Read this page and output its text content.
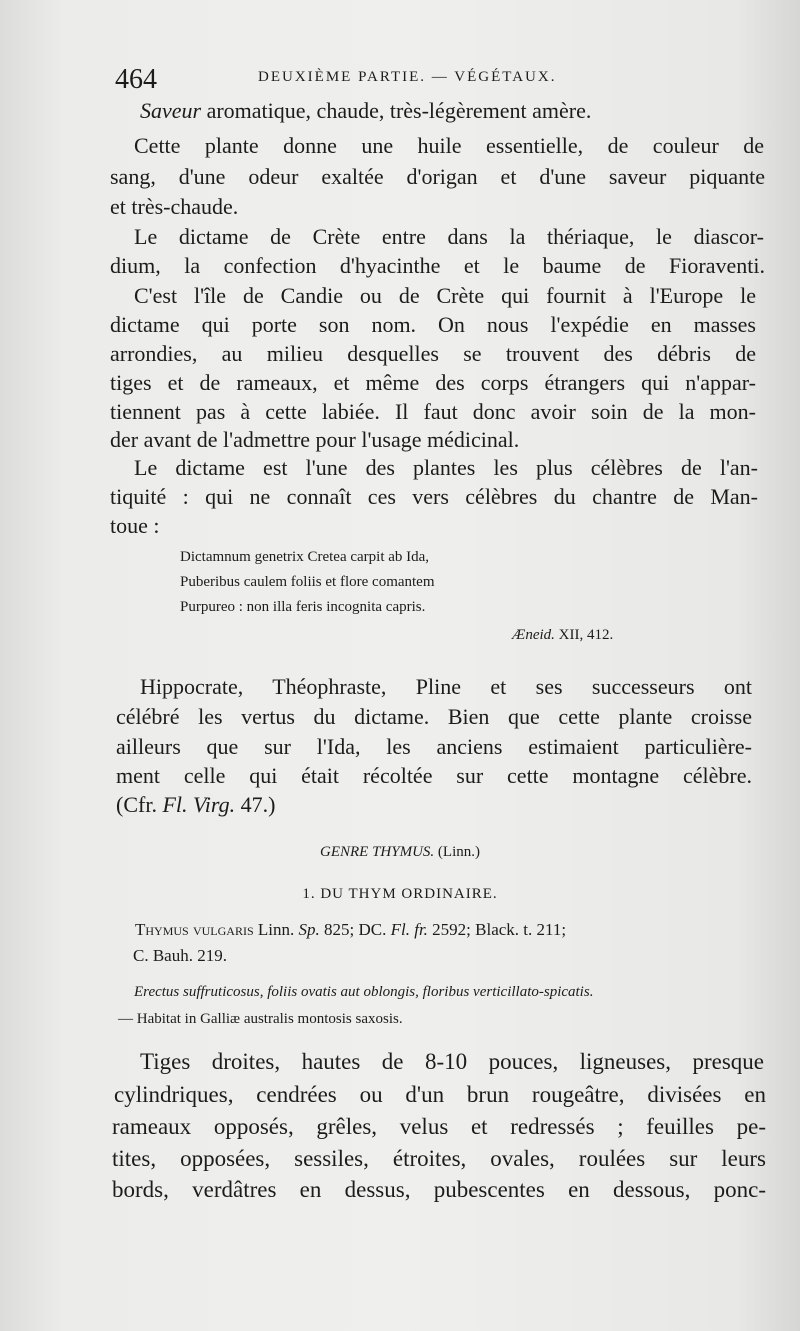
464	DEUXIÈME PARTIE. — VÉGÉTAUX.
Saveur aromatique, chaude, très-légèrement amère.
Cette plante donne une huile essentielle, de couleur de
sang, d'une odeur exaltée d'origan et d'une saveur piquante
et très-chaude.
Le dictame de Crète entre dans la thériaque, le diascor-
dium, la confection d'hyacinthe et le baume de Fioraventi.
C'est l'île de Candie ou de Crète qui fournit à l'Europe le
dictame qui porte son nom. On nous l'expédie en masses
arrondies, au milieu desquelles se trouvent des débris de
tiges et de rameaux, et même des corps étrangers qui n'appar-
tiennent pas à cette labiée. Il faut donc avoir soin de la mon-
der avant de l'admettre pour l'usage médicinal.
Le dictame est l'une des plantes les plus célèbres de l'an-
tiquité : qui ne connaît ces vers célèbres du chantre de Man-
toue :
Dictamnum genetrix Cretea carpit ab Ida,
Puberibus caulem foliis et flore comantem
Purpureo : non illa feris incognita capris.
Æneid. XII, 412.
Hippocrate, Théophraste, Pline et ses successeurs ont
célébré les vertus du dictame. Bien que cette plante croisse
ailleurs que sur l'Ida, les anciens estimaient particulière-
ment celle qui était récoltée sur cette montagne célèbre.
(Cfr. Fl. Virg. 47.)
GENRE THYMUS. (Linn.)
1. DU THYM ORDINAIRE.
Thymus vulgaris Linn. Sp. 825; DC. Fl. fr. 2592; Black. t. 211;
C. Bauh. 219.
Erectus suffruticosus, foliis ovatis aut oblongis, floribus verticillato-spicatis.
— Habitat in Galliæ australis montosis saxosis.
Tiges droites, hautes de 8-10 pouces, ligneuses, presque
cylindriques, cendrées ou d'un brun rougeâtre, divisées en
rameaux opposés, grêles, velus et redressés ; feuilles pe-
tites, opposées, sessiles, étroites, ovales, roulées sur leurs
bords, verdâtres en dessus, pubescentes en dessous, ponc-
